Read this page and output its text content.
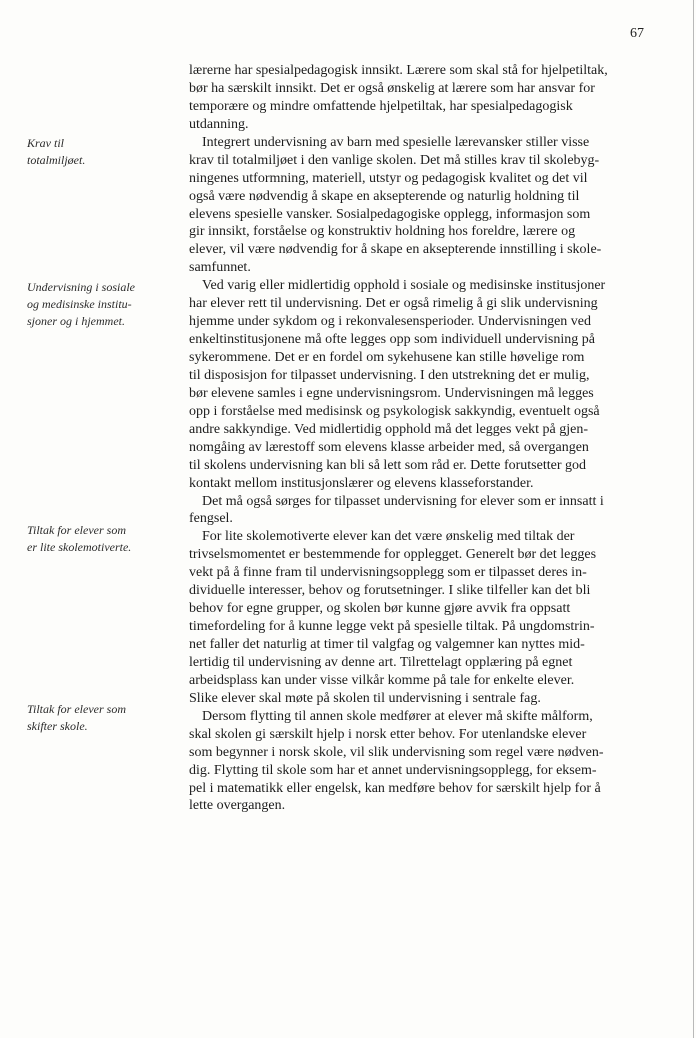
67
Krav til
totalmiljøet.
Undervisning i sosiale
og medisinske institu-
sjoner og i hjemmet.
Tiltak for elever som
er lite skolemotiverte.
Tiltak for elever som
skifter skole.
lærerne har spesialpedagogisk innsikt. Lærere som skal stå for hjelpetiltak,
bør ha særskilt innsikt. Det er også ønskelig at lærere som har ansvar for
temporære og mindre omfattende hjelpetiltak, har spesialpedagogisk
utdanning.
Integrert undervisning av barn med spesielle lærevansker stiller visse
krav til totalmiljøet i den vanlige skolen. Det må stilles krav til skolebyg-
ningenes utformning, materiell, utstyr og pedagogisk kvalitet og det vil
også være nødvendig å skape en aksepterende og naturlig holdning til
elevens spesielle vansker. Sosialpedagogiske opplegg, informasjon som
gir innsikt, forståelse og konstruktiv holdning hos foreldre, lærere og
elever, vil være nødvendig for å skape en aksepterende innstilling i skole-
samfunnet.
Ved varig eller midlertidig opphold i sosiale og medisinske institusjoner
har elever rett til undervisning. Det er også rimelig å gi slik undervisning
hjemme under sykdom og i rekonvalesensperioder. Undervisningen ved
enkeltinstitusjonene må ofte legges opp som individuell undervisning på
sykerommene. Det er en fordel om sykehusene kan stille høvelige rom
til disposisjon for tilpasset undervisning. I den utstrekning det er mulig,
bør elevene samles i egne undervisningsrom. Undervisningen må legges
opp i forståelse med medisinsk og psykologisk sakkyndig, eventuelt også
andre sakkyndige. Ved midlertidig opphold må det legges vekt på gjen-
nomgåing av lærestoff som elevens klasse arbeider med, så overgangen
til skolens undervisning kan bli så lett som råd er. Dette forutsetter god
kontakt mellom institusjonslærer og elevens klasseforstander.
Det må også sørges for tilpasset undervisning for elever som er innsatt i
fengsel.
For lite skolemotiverte elever kan det være ønskelig med tiltak der
trivselsmomentet er bestemmende for opplegget. Generelt bør det legges
vekt på å finne fram til undervisningsopplegg som er tilpasset deres in-
dividuelle interesser, behov og forutsetninger. I slike tilfeller kan det bli
behov for egne grupper, og skolen bør kunne gjøre avvik fra oppsatt
timefordeling for å kunne legge vekt på spesielle tiltak. På ungdomstrin-
net faller det naturlig at timer til valgfag og valgemner kan nyttes mid-
lertidig til undervisning av denne art. Tilrettelagt opplæring på egnet
arbeidsplass kan under visse vilkår komme på tale for enkelte elever.
Slike elever skal møte på skolen til undervisning i sentrale fag.
Dersom flytting til annen skole medfører at elever må skifte målform,
skal skolen gi særskilt hjelp i norsk etter behov. For utenlandske elever
som begynner i norsk skole, vil slik undervisning som regel være nødven-
dig. Flytting til skole som har et annet undervisningsopplegg, for eksem-
pel i matematikk eller engelsk, kan medføre behov for særskilt hjelp for å
lette overgangen.
